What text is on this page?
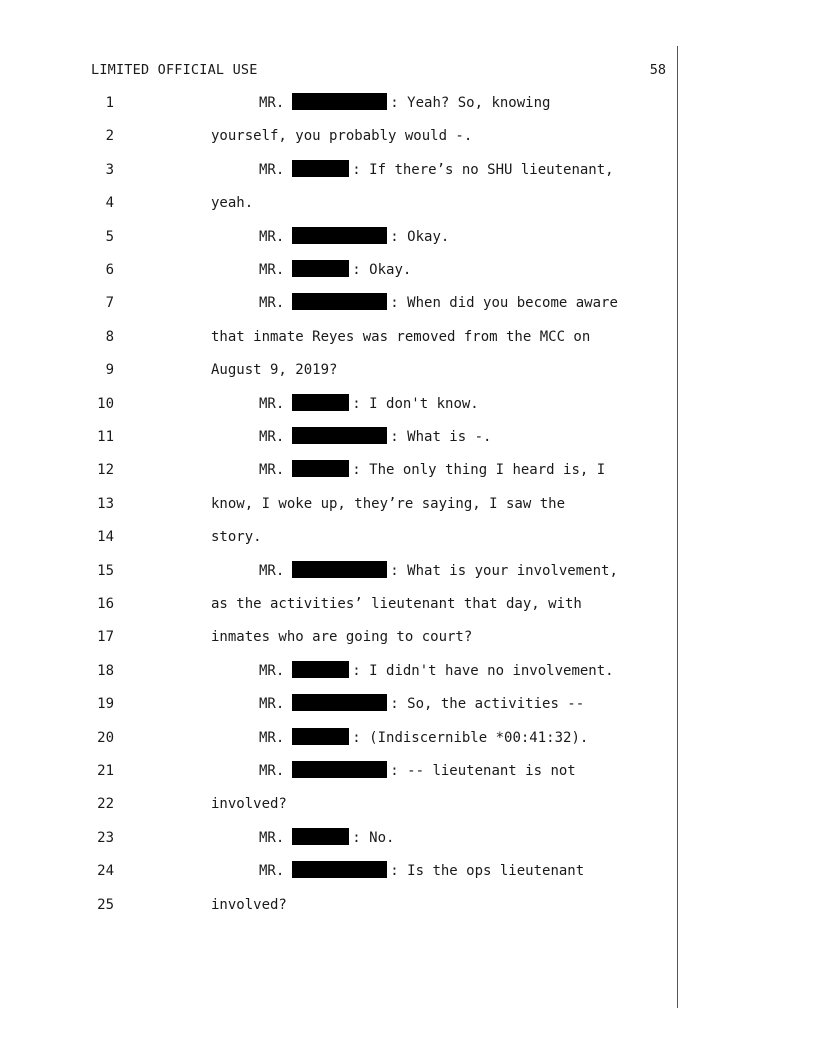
LIMITED OFFICIAL USE	58
1	MR.	: Yeah? So, knowing
2	yourself, you probably would -.
3	MR.	: If there’s no SHU lieutenant,
4	yeah.
5	MR.	: Okay.
6	MR.	: Okay.
7	MR.	: When did you become aware
8	that inmate Reyes was removed from the MCC on
9	August 9, 2019?
10	MR.	: I don't know.
11	MR.	: What is -.
12	MR.	: The only thing I heard is, I
13	know, I woke up, they’re saying, I saw the
14	story.
15	MR.	: What is your involvement,
16	as the activities’ lieutenant that day, with
17	inmates who are going to court?
18	MR.	: I didn't have no involvement.
19	MR.	: So, the activities --
20	MR.	: (Indiscernible *00:41:32).
21	MR.	: -- lieutenant is not
22	involved?
23	MR.	: No.
24	MR.	: Is the ops lieutenant
25	involved?
